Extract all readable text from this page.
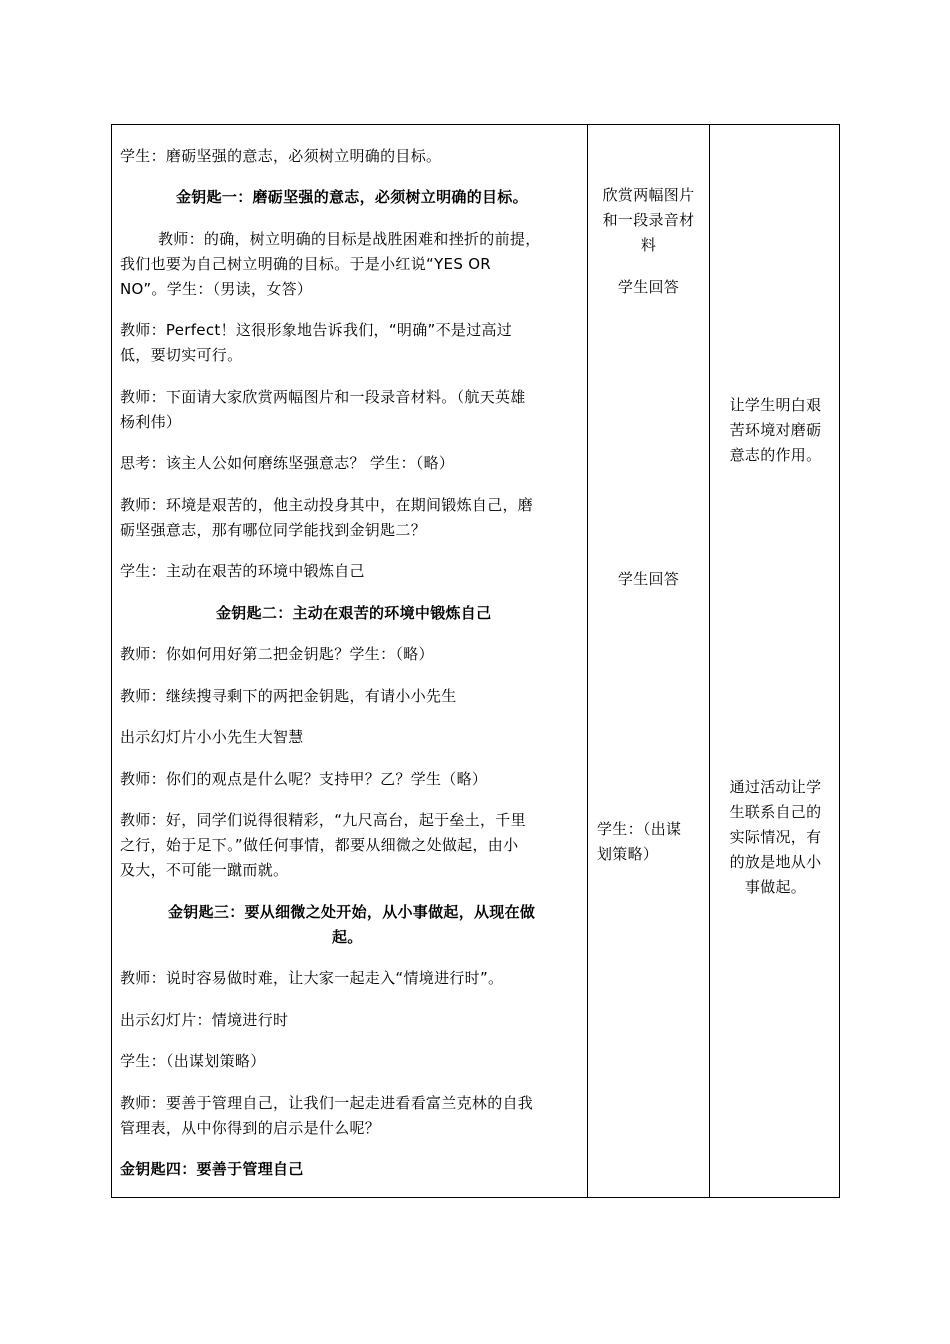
学生：磨砺坚强的意志，必须树立明确的目标。
金钥匙一：磨砺坚强的意志，必须树立明确的目标。
教师：的确，树立明确的目标是战胜困难和挫折的前提，
我们也要为自己树立明确的目标。于是小红说“YES OR
NO”。学生：（男读，女答）
教师：Perfect！这很形象地告诉我们，“明确”不是过高过
低，要切实可行。
教师：下面请大家欣赏两幅图片和一段录音材料。（航天英雄
杨利伟）
思考：该主人公如何磨练坚强意志？ 学生：（略）
教师：环境是艰苦的，他主动投身其中，在期间锻炼自己，磨
砺坚强意志，那有哪位同学能找到金钥匙二？
学生：主动在艰苦的环境中锻炼自己
金钥匙二：主动在艰苦的环境中锻炼自己
教师：你如何用好第二把金钥匙？学生：（略）
教师：继续搜寻剩下的两把金钥匙，有请小小先生
出示幻灯片小小先生大智慧
教师：你们的观点是什么呢？支持甲？乙？学生（略）
教师：好，同学们说得很精彩，“九尺高台，起于垒土，千里
之行，始于足下。”做任何事情，都要从细微之处做起，由小
及大，不可能一蹴而就。
金钥匙三：要从细微之处开始，从小事做起，从现在做
起。
教师：说时容易做时难，让大家一起走入“情境进行时”。
出示幻灯片：情境进行时
学生：（出谋划策略）
教师：要善于管理自己，让我们一起走进看看富兰克林的自我
管理表，从中你得到的启示是什么呢？
金钥匙四：要善于管理自己
欣赏两幅图片
和一段录音材
料
学生回答
学生回答
学生：（出谋
划策略）
让学生明白艰
苦环境对磨砺
意志的作用。
通过活动让学
生联系自己的
实际情况，有
的放是地从小
事做起。
